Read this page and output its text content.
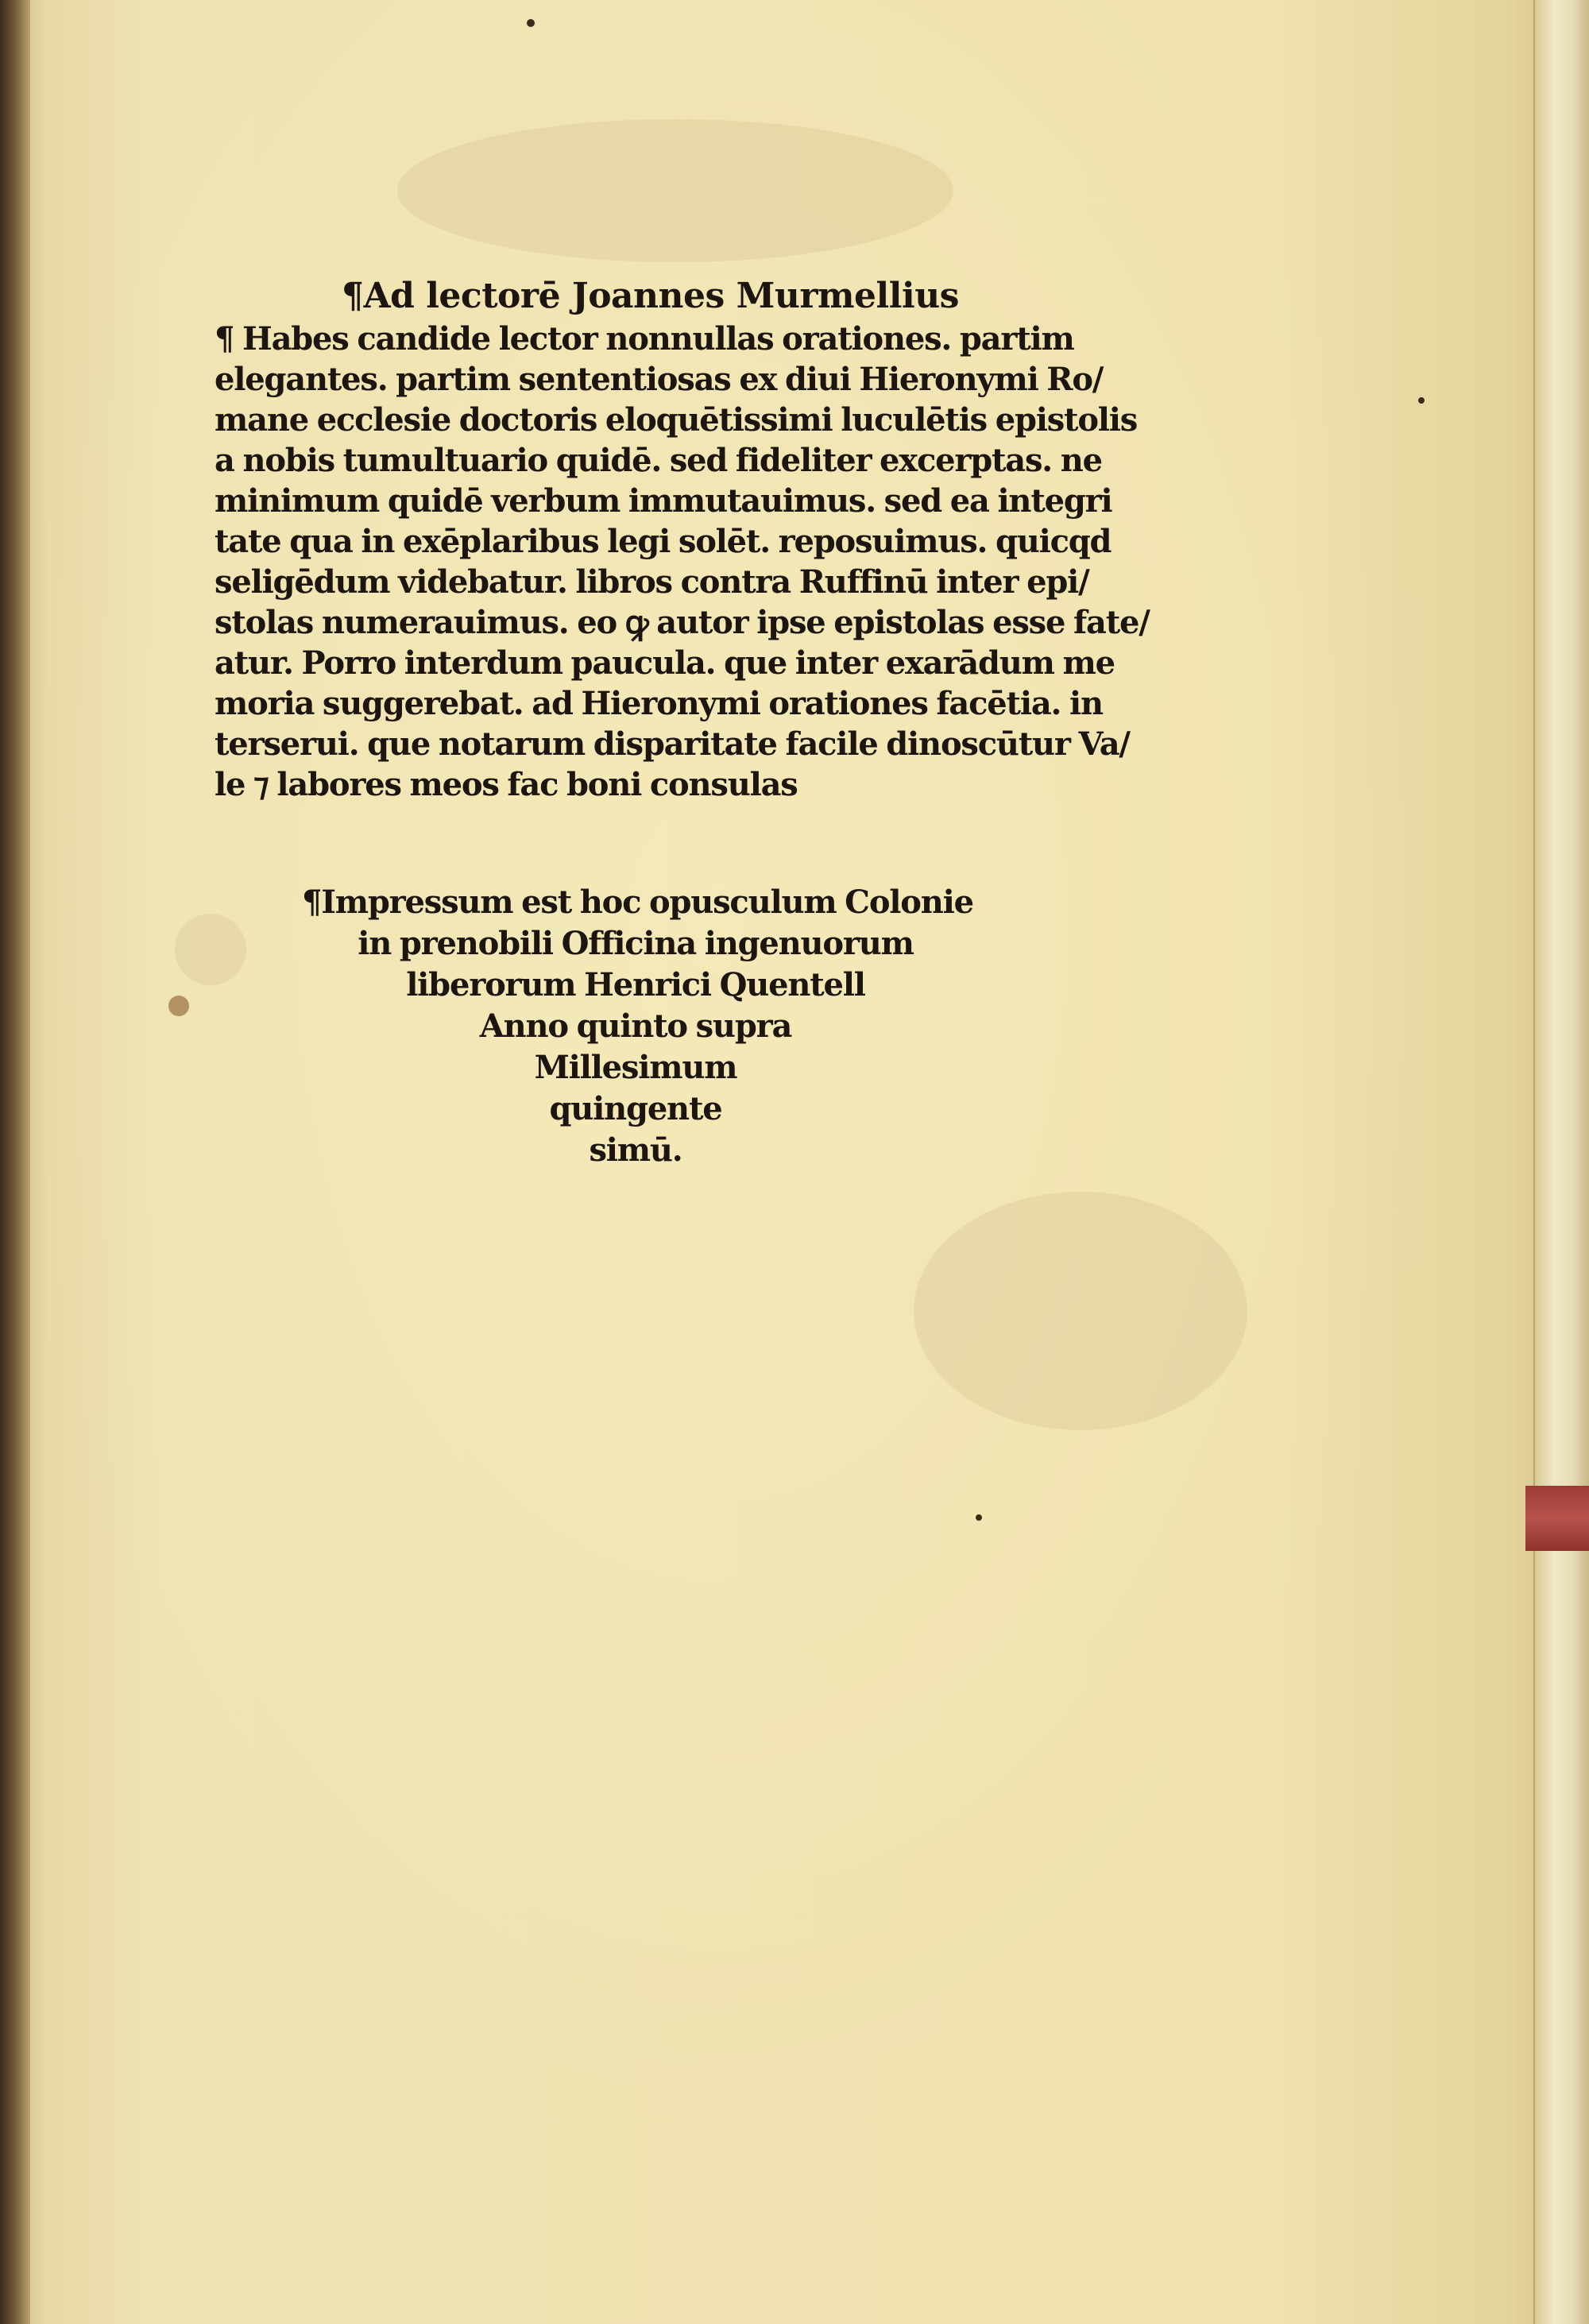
¶Ad lectorē Joannes Murmellius
¶ Habes candide lector nonnullas orationes. partim
elegantes. partim sententiosas ex diui Hieronymi Ro/
mane ecclesie doctoris eloquētissimi luculētis epistolis
a nobis tumultuario quidē. sed fideliter excerptas. ne
minimum quidē verbum immutauimus. sed ea integri
tate qua in exēplaribus legi solēt. reposuimus. quicqd
seligēdum videbatur. libros contra Ruffinū inter epi/
stolas numerauimus. eo ꝙ autor ipse epistolas esse fate/
atur. Porro interdum paucula. que inter exarādum me
moria suggerebat. ad Hieronymi orationes facētia. in
terserui. que notarum disparitate facile dinoscūtur Va/
le ⁊ labores meos fac boni consulas
¶Impressum est hoc opusculum Colonie
in prenobili Officina ingenuorum
liberorum Henrici Quentell
Anno quinto supra
Millesimum
quingente
simū.
